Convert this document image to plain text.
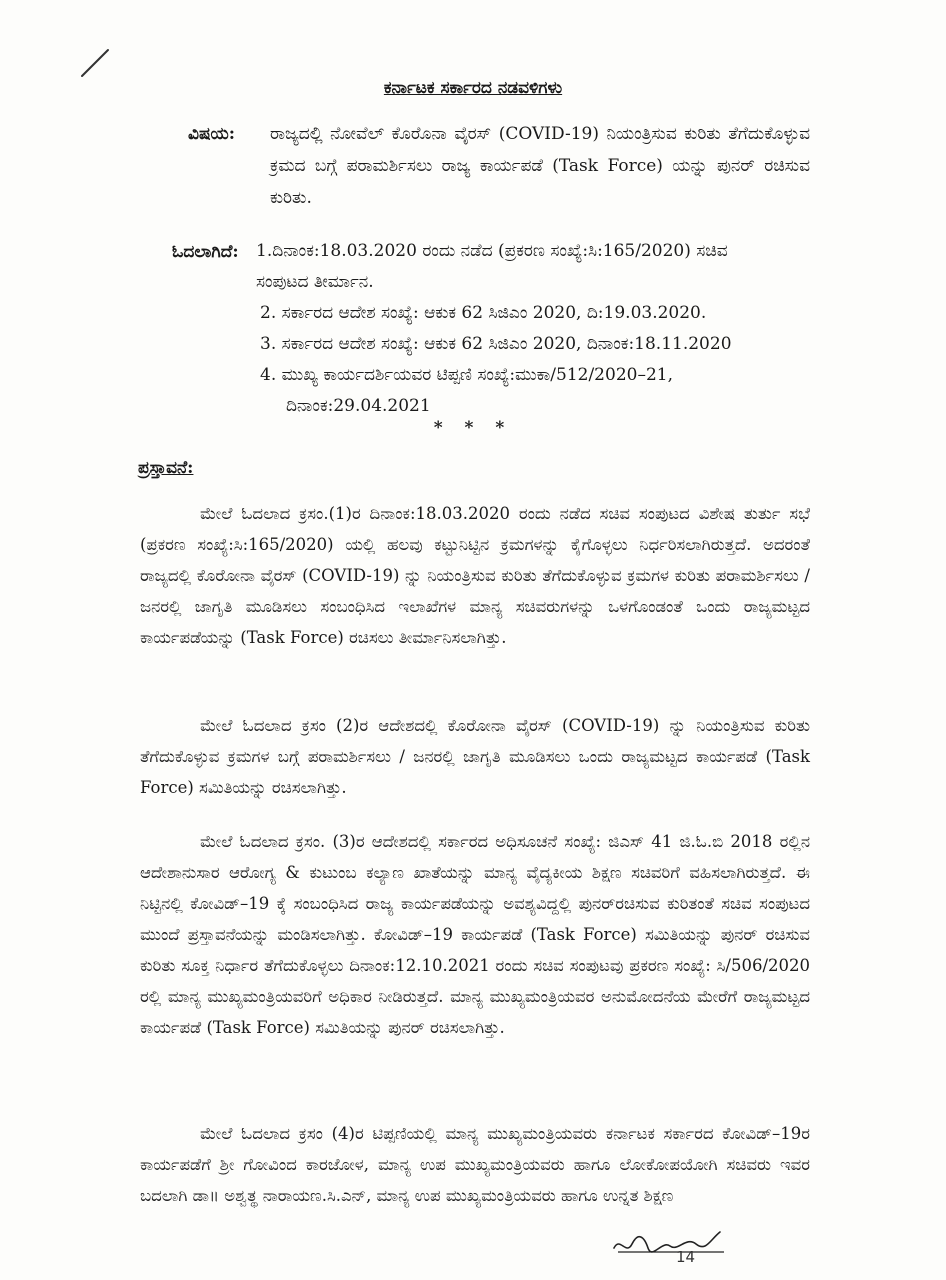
ಕರ್ನಾಟಕ ಸರ್ಕಾರದ ನಡವಳಿಗಳು
ವಿಷಯ: ರಾಜ್ಯದಲ್ಲಿ ನೋವೆಲ್ ಕೊರೊನಾ ವೈರಸ್ (COVID-19) ನಿಯಂತ್ರಿಸುವ ಕುರಿತು ತೆಗೆದುಕೊಳ್ಳುವ ಕ್ರಮದ ಬಗ್ಗೆ ಪರಾಮರ್ಶಿಸಲು ರಾಜ್ಯ ಕಾರ್ಯಪಡೆ (Task Force) ಯನ್ನು ಪುನರ್ ರಚಿಸುವ ಕುರಿತು.
ಓದಲಾಗಿದೆ: 1.ದಿನಾಂಕ:18.03.2020 ರಂದು ನಡೆದ (ಪ್ರಕರಣ ಸಂಖ್ಯೆ:ಸಿ:165/2020) ಸಚಿವ
ಸಂಪುಟದ ತೀರ್ಮಾನ.
2. ಸರ್ಕಾರದ ಆದೇಶ ಸಂಖ್ಯೆ: ಆಕುಕ 62 ಸಿಜಿಎಂ 2020, ದಿ:19.03.2020.
3. ಸರ್ಕಾರದ ಆದೇಶ ಸಂಖ್ಯೆ: ಆಕುಕ 62 ಸಿಜಿಎಂ 2020, ದಿನಾಂಕ:18.11.2020
4. ಮುಖ್ಯ ಕಾರ್ಯದರ್ಶಿಯವರ ಟಿಪ್ಪಣಿ ಸಂಖ್ಯೆ:ಮುಕಾ/512/2020–21,
ದಿನಾಂಕ:29.04.2021
* * *
ಪ್ರಸ್ತಾವನೆ:
ಮೇಲೆ ಓದಲಾದ ಕ್ರಸಂ.(1)ರ ದಿನಾಂಕ:18.03.2020 ರಂದು ನಡೆದ ಸಚಿವ ಸಂಪುಟದ ವಿಶೇಷ ತುರ್ತು ಸಭೆ (ಪ್ರಕರಣ ಸಂಖ್ಯೆ:ಸಿ:165/2020) ಯಲ್ಲಿ ಹಲವು ಕಟ್ಟುನಿಟ್ಟಿನ ಕ್ರಮಗಳನ್ನು ಕೈಗೊಳ್ಳಲು ನಿರ್ಧರಿಸಲಾಗಿರುತ್ತದೆ. ಅದರಂತೆ ರಾಜ್ಯದಲ್ಲಿ ಕೊರೋನಾ ವೈರಸ್ (COVID-19) ನ್ನು ನಿಯಂತ್ರಿಸುವ ಕುರಿತು ತೆಗೆದುಕೊಳ್ಳುವ ಕ್ರಮಗಳ ಕುರಿತು ಪರಾಮರ್ಶಿಸಲು /ಜನರಲ್ಲಿ ಜಾಗೃತಿ ಮೂಡಿಸಲು ಸಂಬಂಧಿಸಿದ ಇಲಾಖೆಗಳ ಮಾನ್ಯ ಸಚಿವರುಗಳನ್ನು ಒಳಗೊಂಡಂತೆ ಒಂದು ರಾಜ್ಯಮಟ್ಟದ ಕಾರ್ಯಪಡೆಯನ್ನು (Task Force) ರಚಿಸಲು ತೀರ್ಮಾನಿಸಲಾಗಿತ್ತು.
ಮೇಲೆ ಓದಲಾದ ಕ್ರಸಂ (2)ರ ಆದೇಶದಲ್ಲಿ ಕೊರೋನಾ ವೈರಸ್ (COVID-19) ನ್ನು ನಿಯಂತ್ರಿಸುವ ಕುರಿತು ತೆಗೆದುಕೊಳ್ಳುವ ಕ್ರಮಗಳ ಬಗ್ಗೆ ಪರಾಮರ್ಶಿಸಲು / ಜನರಲ್ಲಿ ಜಾಗೃತಿ ಮೂಡಿಸಲು ಒಂದು ರಾಜ್ಯಮಟ್ಟದ ಕಾರ್ಯಪಡೆ (Task Force) ಸಮಿತಿಯನ್ನು ರಚಿಸಲಾಗಿತ್ತು.
ಮೇಲೆ ಓದಲಾದ ಕ್ರಸಂ. (3)ರ ಆದೇಶದಲ್ಲಿ ಸರ್ಕಾರದ ಅಧಿಸೂಚನೆ ಸಂಖ್ಯೆ: ಜಿಎಸ್ 41 ಜಿ.ಓ.ಬಿ 2018 ರಲ್ಲಿನ ಆದೇಶಾನುಸಾರ ಆರೋಗ್ಯ & ಕುಟುಂಬ ಕಲ್ಯಾಣ ಖಾತೆಯನ್ನು ಮಾನ್ಯ ವೈದ್ಯಕೀಯ ಶಿಕ್ಷಣ ಸಚಿವರಿಗೆ ವಹಿಸಲಾಗಿರುತ್ತದೆ. ಈ ನಿಟ್ಟಿನಲ್ಲಿ ಕೋವಿಡ್–19 ಕ್ಕೆ ಸಂಬಂಧಿಸಿದ ರಾಜ್ಯ ಕಾರ್ಯಪಡೆಯನ್ನು ಅವಶ್ಯವಿದ್ದಲ್ಲಿ ಪುನರ್‌ರಚಿಸುವ ಕುರಿತಂತೆ ಸಚಿವ ಸಂಪುಟದ ಮುಂದೆ ಪ್ರಸ್ತಾವನೆಯನ್ನು ಮಂಡಿಸಲಾಗಿತ್ತು. ಕೋವಿಡ್–19 ಕಾರ್ಯಪಡೆ (Task Force) ಸಮಿತಿಯನ್ನು ಪುನರ್ ರಚಿಸುವ ಕುರಿತು ಸೂಕ್ತ ನಿರ್ಧಾರ ತೆಗೆದುಕೊಳ್ಳಲು ದಿನಾಂಕ:12.10.2021 ರಂದು ಸಚಿವ ಸಂಪುಟವು ಪ್ರಕರಣ ಸಂಖ್ಯೆ: ಸಿ/506/2020 ರಲ್ಲಿ ಮಾನ್ಯ ಮುಖ್ಯಮಂತ್ರಿಯವರಿಗೆ ಅಧಿಕಾರ ನೀಡಿರುತ್ತದೆ. ಮಾನ್ಯ ಮುಖ್ಯಮಂತ್ರಿಯವರ ಅನುಮೋದನೆಯ ಮೇರೆಗೆ ರಾಜ್ಯಮಟ್ಟದ ಕಾರ್ಯಪಡೆ (Task Force) ಸಮಿತಿಯನ್ನು ಪುನರ್ ರಚಿಸಲಾಗಿತ್ತು.
ಮೇಲೆ ಓದಲಾದ ಕ್ರಸಂ (4)ರ ಟಿಪ್ಪಣಿಯಲ್ಲಿ ಮಾನ್ಯ ಮುಖ್ಯಮಂತ್ರಿಯವರು ಕರ್ನಾಟಕ ಸರ್ಕಾರದ ಕೋವಿಡ್–19ರ ಕಾರ್ಯಪಡೆಗೆ ಶ್ರೀ ಗೋವಿಂದ ಕಾರಜೋಳ, ಮಾನ್ಯ ಉಪ ಮುಖ್ಯಮಂತ್ರಿಯವರು ಹಾಗೂ ಲೋಕೋಪಯೋಗಿ ಸಚಿವರು ಇವರ ಬದಲಾಗಿ ಡಾ॥ ಅಶ್ವತ್ಥ ನಾರಾಯಣ.ಸಿ.ಎನ್, ಮಾನ್ಯ ಉಪ ಮುಖ್ಯಮಂತ್ರಿಯವರು ಹಾಗೂ ಉನ್ನತ ಶಿಕ್ಷಣ
14
